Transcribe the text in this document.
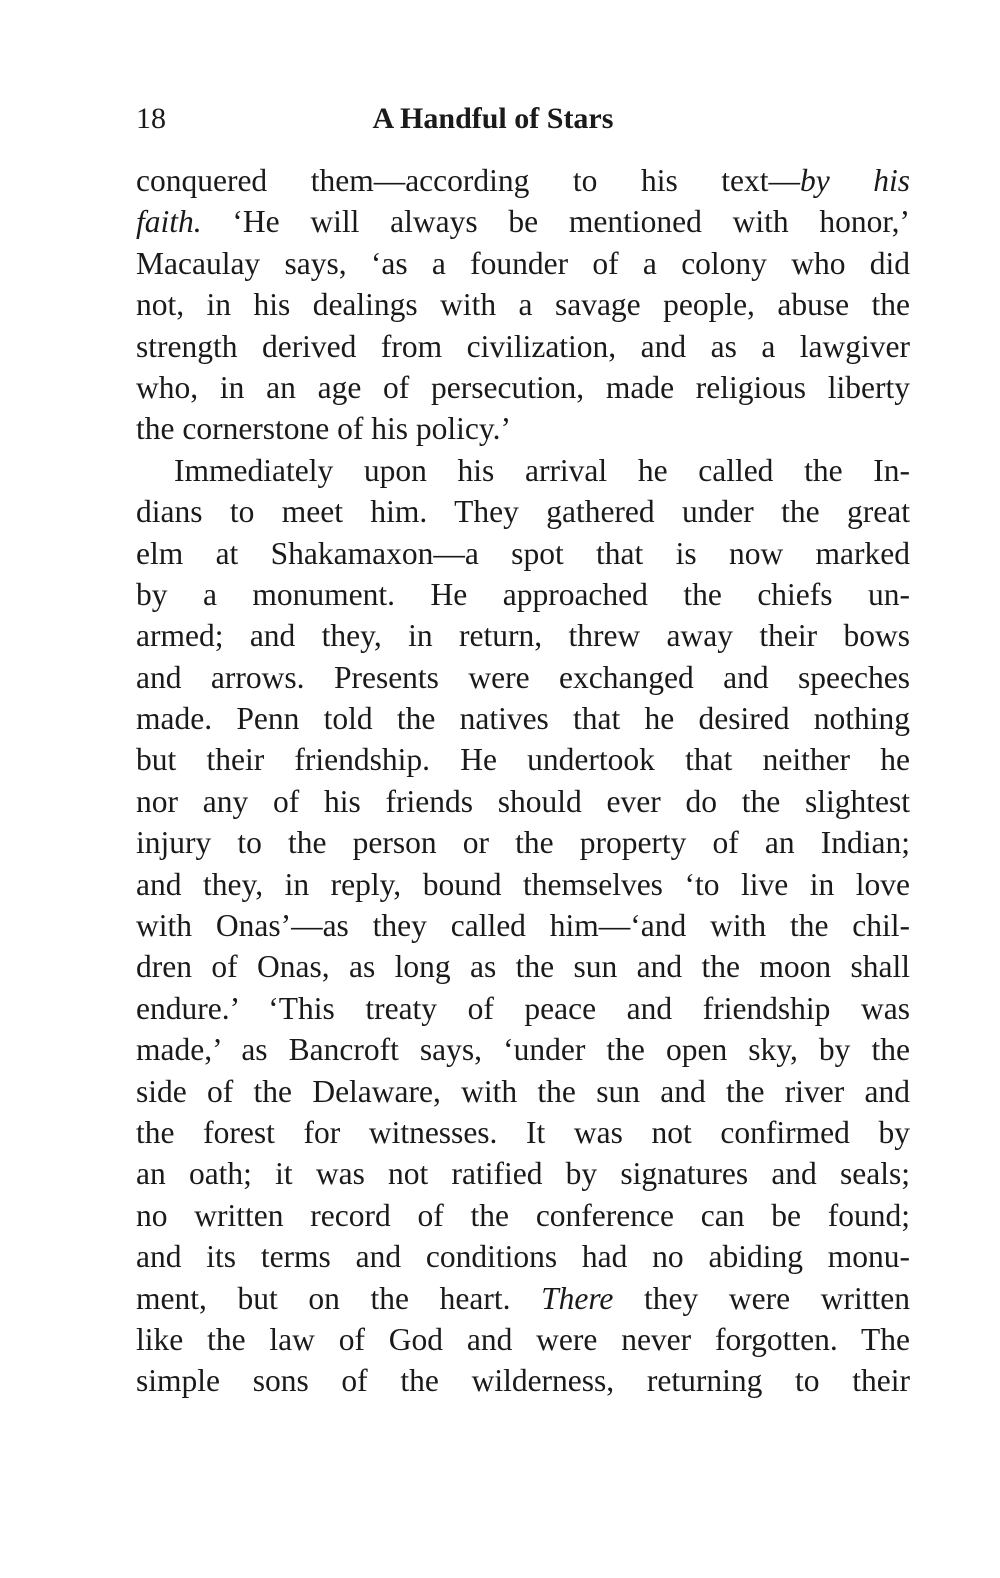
18	A Handful of Stars
conquered them—according to his text—by his
faith. ‘He will always be mentioned with honor,’
Macaulay says, ‘as a founder of a colony who did
not, in his dealings with a savage people, abuse the
strength derived from civilization, and as a lawgiver
who, in an age of persecution, made religious liberty
the cornerstone of his policy.’
Immediately upon his arrival he called the In-
dians to meet him. They gathered under the great
elm at Shakamaxon—a spot that is now marked
by a monument. He approached the chiefs un-
armed; and they, in return, threw away their bows
and arrows. Presents were exchanged and speeches
made. Penn told the natives that he desired nothing
but their friendship. He undertook that neither he
nor any of his friends should ever do the slightest
injury to the person or the property of an Indian;
and they, in reply, bound themselves ‘to live in love
with Onas’—as they called him—‘and with the chil-
dren of Onas, as long as the sun and the moon shall
endure.’ ‘This treaty of peace and friendship was
made,’ as Bancroft says, ‘under the open sky, by the
side of the Delaware, with the sun and the river and
the forest for witnesses. It was not confirmed by
an oath; it was not ratified by signatures and seals;
no written record of the conference can be found;
and its terms and conditions had no abiding monu-
ment, but on the heart. There they were written
like the law of God and were never forgotten. The
simple sons of the wilderness, returning to their
